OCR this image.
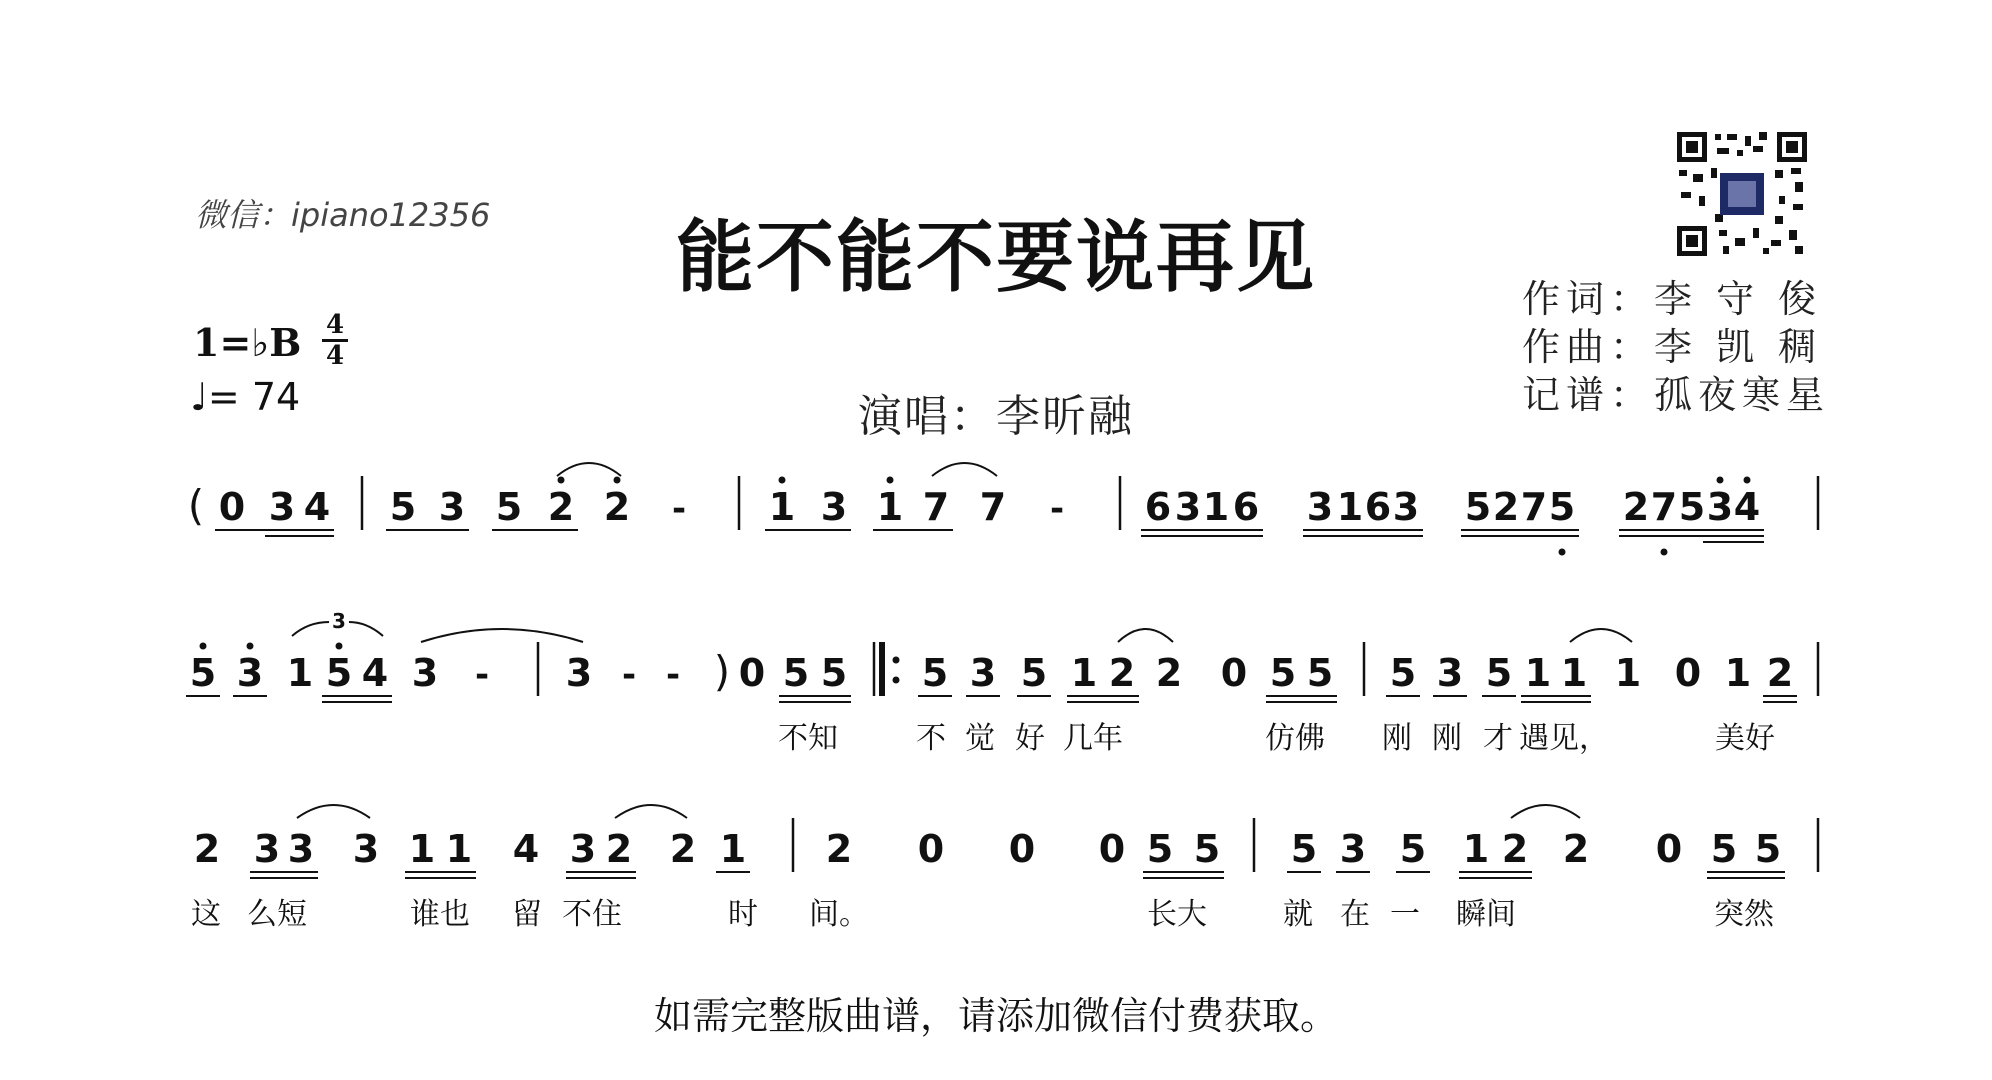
微信：ipiano12356	能不能不要说再见
演唱：李昕融
作词：李 守 俊
作曲：李 凯 稠
记谱：孤夜寒星
1=♭B 4
4
♩= 74
( 0 3 4 5 3 5 2 2 - 1 3 1 7 7 - 6 3 1 6 3 1 6 3 5 2 7 5 2 7 5 3 4
5 3 1 5 4 3 - 3 - - ) 0 5 5 5 3 5 1 2 2 0 5 5 5 3 5 1 1 1 0 1 2
3
不知	不 觉 好 几年	仿佛 刚 刚 才 遇见，	美好
2 3 3 3 1 1 4 3 2 2 1 2 0 0 0 5 5 5 3 5 1 2 2 0 5 5
这 么短	谁也 留 不住	时 间。	长大	就 在 一 瞬间	突然
如需完整版曲谱，请添加微信付费获取。
